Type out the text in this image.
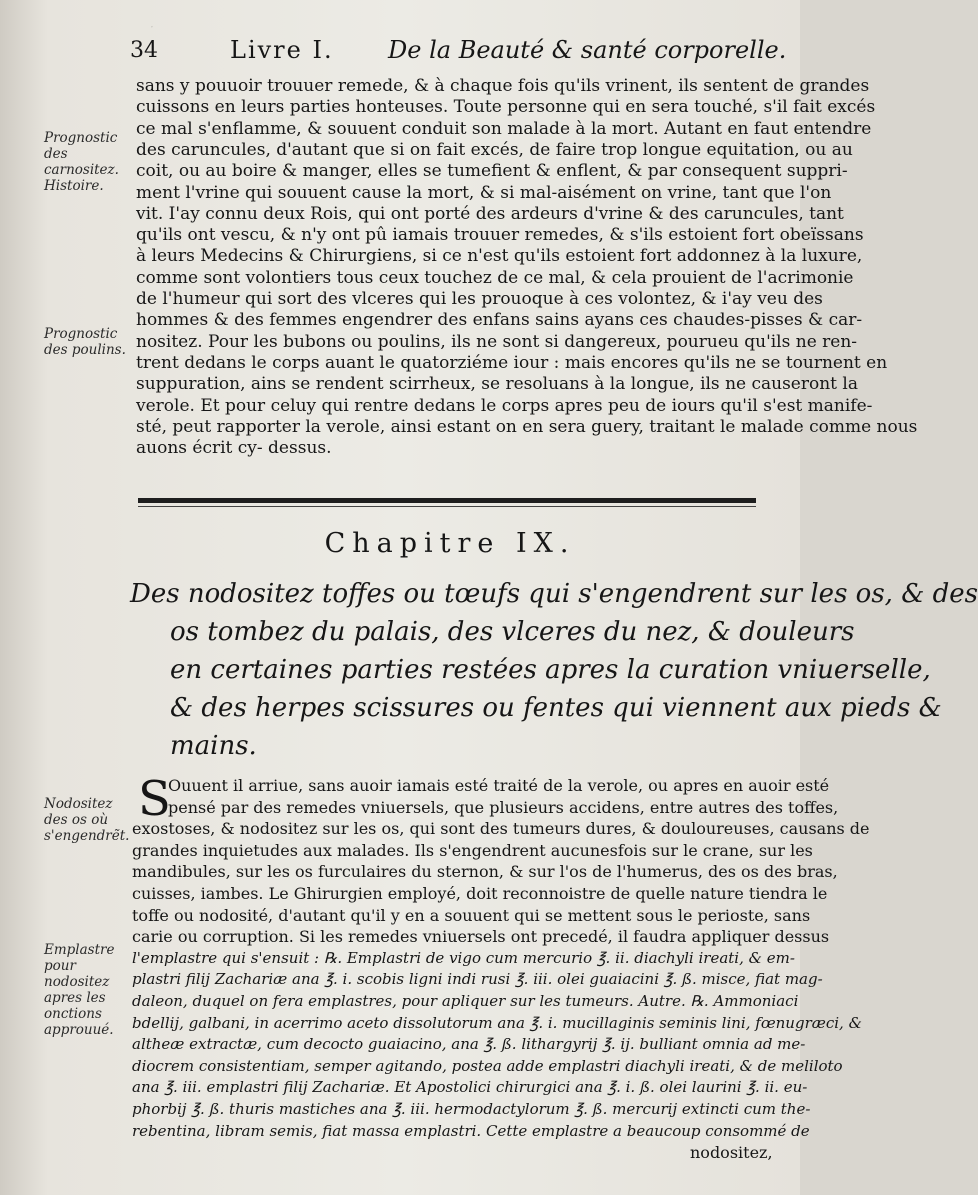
·
34	Livre I. De la Beauté & santé corporelle.
Prognostic des carnositez. Histoire.
Prognostic des poulins.
Nodositez des os où s'engendrẽt.
Emplastre pour nodositez apres les onctions approuué.
sans y pouuoir trouuer remede, & à chaque fois qu'ils vrinent, ils sentent de grandes
cuissons en leurs parties honteuses. Toute personne qui en sera touché, s'il fait excés
ce mal s'enflamme, & souuent conduit son malade à la mort. Autant en faut entendre
des caruncules, d'autant que si on fait excés, de faire trop longue equitation, ou au
coit, ou au boire & manger, elles se tumefient & enflent, & par consequent suppri-
ment l'vrine qui souuent cause la mort, & si mal-aisément on vrine, tant que l'on
vit. I'ay connu deux Rois, qui ont porté des ardeurs d'vrine & des caruncules, tant
qu'ils ont vescu, & n'y ont pû iamais trouuer remedes, & s'ils estoient fort obeïssans
à leurs Medecins & Chirurgiens, si ce n'est qu'ils estoient fort addonnez à la luxure,
comme sont volontiers tous ceux touchez de ce mal, & cela prouient de l'acrimonie
de l'humeur qui sort des vlceres qui les prouoque à ces volontez, & i'ay veu des
hommes & des femmes engendrer des enfans sains ayans ces chaudes-pisses & car-
nositez. Pour les bubons ou poulins, ils ne sont si dangereux, pourueu qu'ils ne ren-
trent dedans le corps auant le quatorziéme iour : mais encores qu'ils ne se tournent en
suppuration, ains se rendent scirrheux, se resoluans à la longue, ils ne causeront la
verole. Et pour celuy qui rentre dedans le corps apres peu de iours qu'il s'est manife-
sté, peut rapporter la verole, ainsi estant on en sera guery, traitant le malade comme nous
auons écrit cy- dessus.
Chapitre IX.
Des nodositez toffes ou tœufs qui s'engendrent sur les os, & des
os tombez du palais, des vlceres du nez, & douleurs
en certaines parties restées apres la curation vniuerselle,
& des herpes scissures ou fentes qui viennent aux pieds &
mains.
S
Ouuent il arriue, sans auoir iamais esté traité de la verole, ou apres en auoir esté
pensé par des remedes vniuersels, que plusieurs accidens, entre autres des toffes,
exostoses, & nodositez sur les os, qui sont des tumeurs dures, & douloureuses, causans de
grandes inquietudes aux malades. Ils s'engendrent aucunesfois sur le crane, sur les
mandibules, sur les os furculaires du sternon, & sur l'os de l'humerus, des os des bras,
cuisses, iambes. Le Ghirurgien employé, doit reconnoistre de quelle nature tiendra le
toffe ou nodosité, d'autant qu'il y en a souuent qui se mettent sous le perioste, sans
carie ou corruption. Si les remedes vniuersels ont precedé, il faudra appliquer dessus
l'emplastre qui s'ensuit : ℞. Emplastri de vigo cum mercurio ℥. ii. diachyli ireati, & em-
plastri filij Zachariæ ana ℥. i. scobis ligni indi rusi ℥. iii. olei guaiacini ℥. ß. misce, fiat mag-
daleon, duquel on fera emplastres, pour apliquer sur les tumeurs. Autre. ℞. Ammoniaci
bdellij, galbani, in acerrimo aceto dissolutorum ana ℥. i. mucillaginis seminis lini, fœnugræci, &
altheæ extractæ, cum decocto guaiacino, ana ℥. ß. lithargyrij ℥. ij. bulliant omnia ad me-
diocrem consistentiam, semper agitando, postea adde emplastri diachyli ireati, & de meliloto
ana ℥. iii. emplastri filij Zachariæ. Et Apostolici chirurgici ana ℥. i. ß. olei laurini ℥. ii. eu-
phorbij ℥. ß. thuris mastiches ana ℥. iii. hermodactylorum ℥. ß. mercurij extincti cum the-
rebentina, libram semis, fiat massa emplastri. Cette emplastre a beaucoup consommé de
nodositez,
